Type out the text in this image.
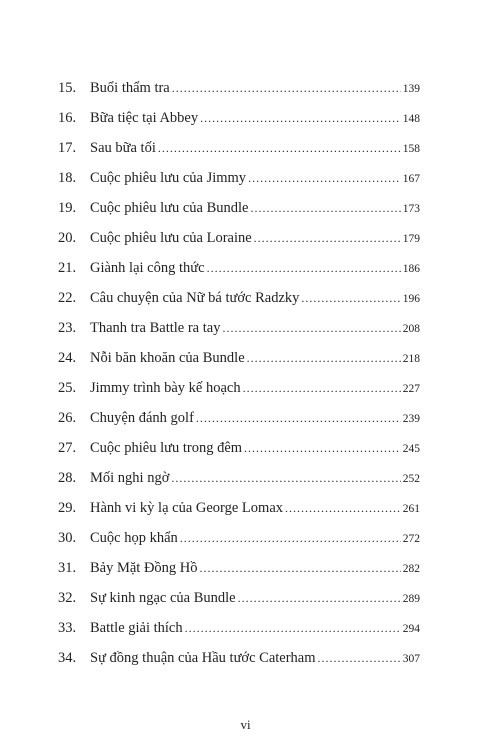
15. Buổi thẩm tra .....	139
16. Bữa tiệc tại Abbey .....	148
17. Sau bữa tối .....	158
18. Cuộc phiêu lưu của Jimmy .....	167
19. Cuộc phiêu lưu của Bundle .....	173
20. Cuộc phiêu lưu của Loraine .....	179
21. Giành lại công thức .....	186
22. Câu chuyện của Nữ bá tước Radzky .....	196
23. Thanh tra Battle ra tay .....	208
24. Nỗi băn khoăn của Bundle .....	218
25. Jimmy trình bày kế hoạch .....	227
26. Chuyện đánh golf .....	239
27. Cuộc phiêu lưu trong đêm .....	245
28. Mối nghi ngờ .....	252
29. Hành vi kỳ lạ của George Lomax .....	261
30. Cuộc họp khẩn .....	272
31. Bảy Mặt Đồng Hồ .....	282
32. Sự kinh ngạc của Bundle .....	289
33. Battle giải thích .....	294
34. Sự đồng thuận của Hầu tước Caterham .....	307
vi
